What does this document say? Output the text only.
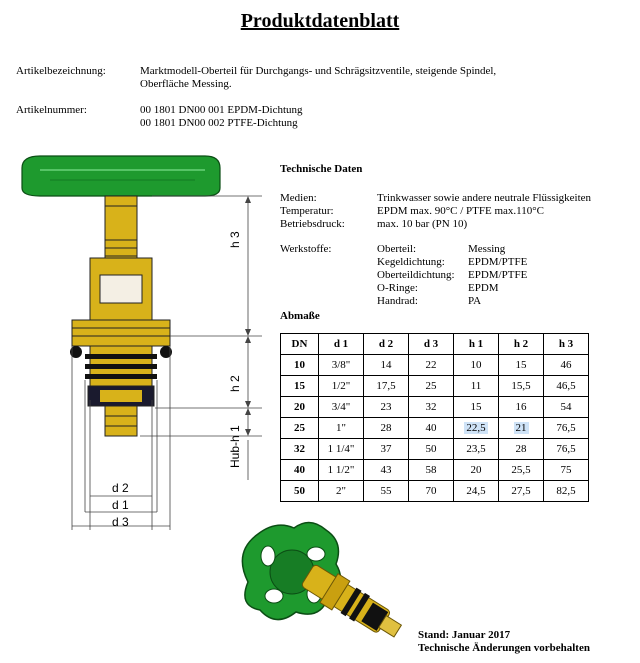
Produktdatenblatt
Artikelbezeichnung:	Marktmodell-Oberteil für Durchgangs- und Schrägsitzventile, steigende Spindel,
Oberfläche Messing.
Artikelnummer:	00 1801 DN00 001 EPDM-Dichtung
00 1801 DN00 002 PTFE-Dichtung
h 3
h 2
Hub-h 1
d 2
d 1
d 3
Technische Daten
Medien:	Trinkwasser sowie andere neutrale Flüssigkeiten
Temperatur:	EPDM max. 90°C / PTFE max.110°C
Betriebsdruck:	max. 10 bar (PN 10)
Werkstoffe:	Oberteil:	Messing
Kegeldichtung: EPDM/PTFE
Oberteildichtung: EPDM/PTFE
O-Ringe:	EPDM
Handrad:	PA
Abmaße
DN	d 1	d 2	d 3	h 1	h 2	h 3
10	3/8"	14	22	10	15	46
15	1/2"	17,5	25	11	15,5	46,5
20	3/4"	23	32	15	16	54
25	1"	28	40	22,5	21	76,5
32	1 1/4"	37	50	23,5	28	76,5
40	1 1/2"	43	58	20	25,5	75
50	2"	55	70	24,5	27,5	82,5
Stand: Januar 2017
Technische Änderungen vorbehalten
